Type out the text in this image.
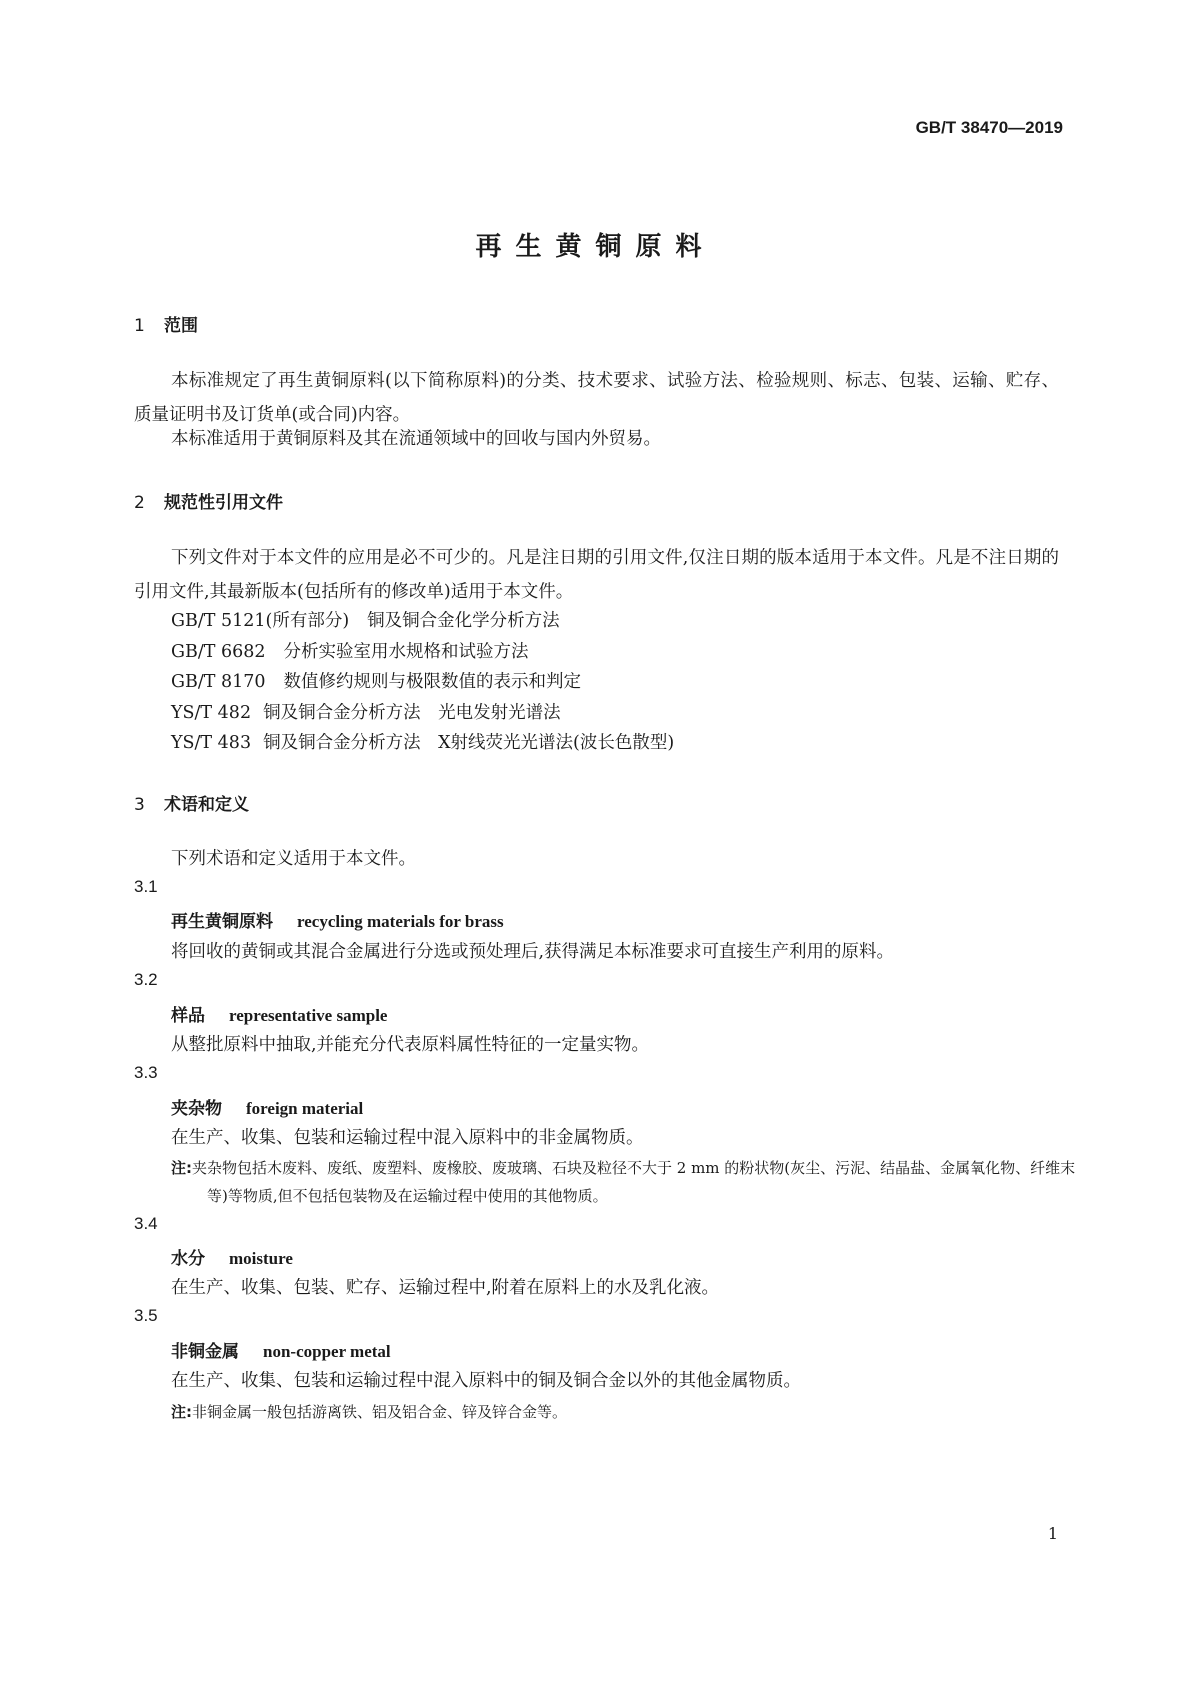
GB/T 38470—2019
再生黄铜原料
1 范围
本标准规定了再生黄铜原料(以下简称原料)的分类、技术要求、试验方法、检验规则、标志、包装、运输、贮存、质量证明书及订货单(或合同)内容。
本标准适用于黄铜原料及其在流通领域中的回收与国内外贸易。
2 规范性引用文件
下列文件对于本文件的应用是必不可少的。凡是注日期的引用文件,仅注日期的版本适用于本文件。凡是不注日期的引用文件,其最新版本(包括所有的修改单)适用于本文件。
GB/T 5121(所有部分) 铜及铜合金化学分析方法
GB/T 6682 分析实验室用水规格和试验方法
GB/T 8170 数值修约规则与极限数值的表示和判定
YS/T 482 铜及铜合金分析方法　光电发射光谱法
YS/T 483 铜及铜合金分析方法　X射线荧光光谱法(波长色散型)
3 术语和定义
下列术语和定义适用于本文件。
3.1
再生黄铜原料 recycling materials for brass
将回收的黄铜或其混合金属进行分选或预处理后,获得满足本标准要求可直接生产利用的原料。
3.2
样品 representative sample
从整批原料中抽取,并能充分代表原料属性特征的一定量实物。
3.3
夹杂物 foreign material
在生产、收集、包装和运输过程中混入原料中的非金属物质。
注:夹杂物包括木废料、废纸、废塑料、废橡胶、废玻璃、石块及粒径不大于 2 mm 的粉状物(灰尘、污泥、结晶盐、金属氧化物、纤维末等)等物质,但不包括包装物及在运输过程中使用的其他物质。
3.4
水分 moisture
在生产、收集、包装、贮存、运输过程中,附着在原料上的水及乳化液。
3.5
非铜金属 non-copper metal
在生产、收集、包装和运输过程中混入原料中的铜及铜合金以外的其他金属物质。
注:非铜金属一般包括游离铁、铝及铝合金、锌及锌合金等。
1
